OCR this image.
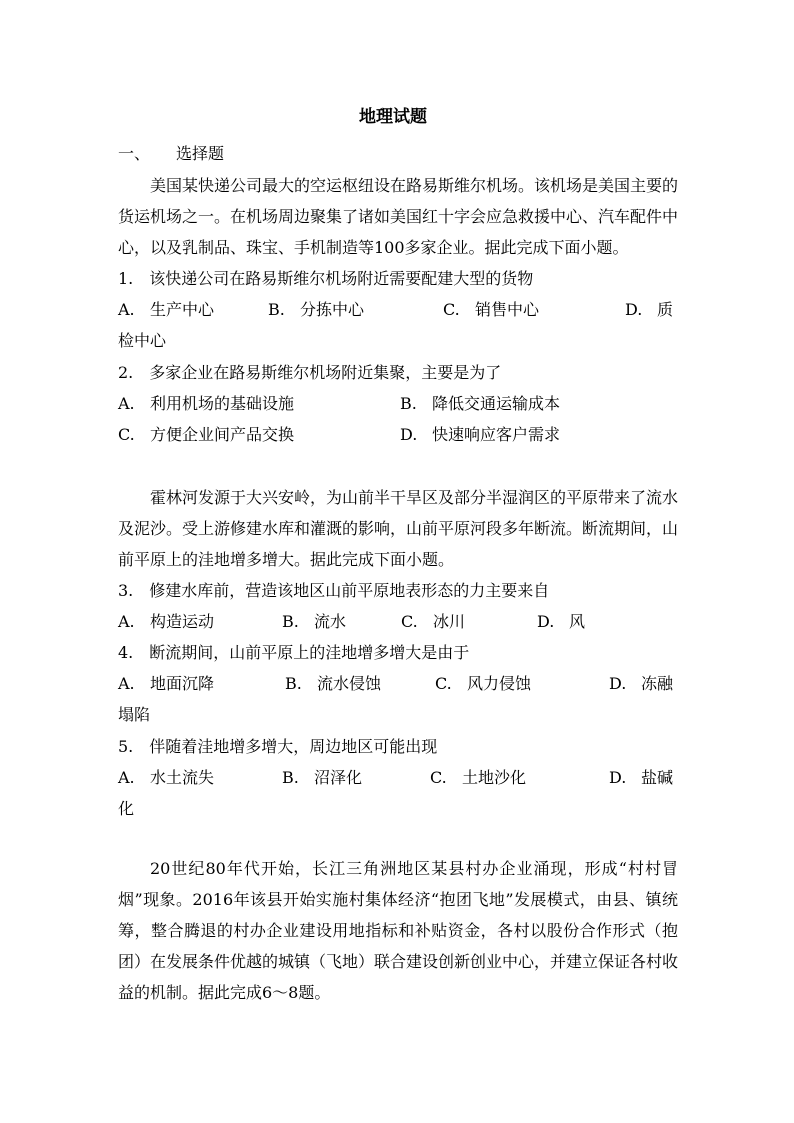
地理试题
一、 选择题
美国某快递公司最大的空运枢纽设在路易斯维尔机场。该机场是美国主要的货运机场之一。在机场周边聚集了诸如美国红十字会应急救援中心、汽车配件中心，以及乳制品、珠宝、手机制造等100多家企业。据此完成下面小题。
1.　该快递公司在路易斯维尔机场附近需要配建大型的货物
A. 生产中心	B. 分拣中心	C. 销售中心	D. 质
检中心
2.　多家企业在路易斯维尔机场附近集聚，主要是为了
A. 利用机场的基础设施	B. 降低交通运输成本
C. 方便企业间产品交换	D. 快速响应客户需求
霍林河发源于大兴安岭，为山前半干旱区及部分半湿润区的平原带来了流水及泥沙。受上游修建水库和灌溉的影响，山前平原河段多年断流。断流期间，山前平原上的洼地增多增大。据此完成下面小题。
3.　修建水库前，营造该地区山前平原地表形态的力主要来自
A. 构造运动	B. 流水	C. 冰川	D. 风
4.　断流期间，山前平原上的洼地增多增大是由于
A. 地面沉降	B. 流水侵蚀	C. 风力侵蚀	D. 冻融
塌陷
5.　伴随着洼地增多增大，周边地区可能出现
A. 水土流失	B. 沼泽化	C. 土地沙化	D. 盐碱
化
20世纪80年代开始，长江三角洲地区某县村办企业涌现，形成“村村冒烟”现象。2016年该县开始实施村集体经济“抱团飞地”发展模式，由县、镇统筹，整合腾退的村办企业建设用地指标和补贴资金，各村以股份合作形式（抱团）在发展条件优越的城镇（飞地）联合建设创新创业中心，并建立保证各村收益的机制。据此完成6～8题。
